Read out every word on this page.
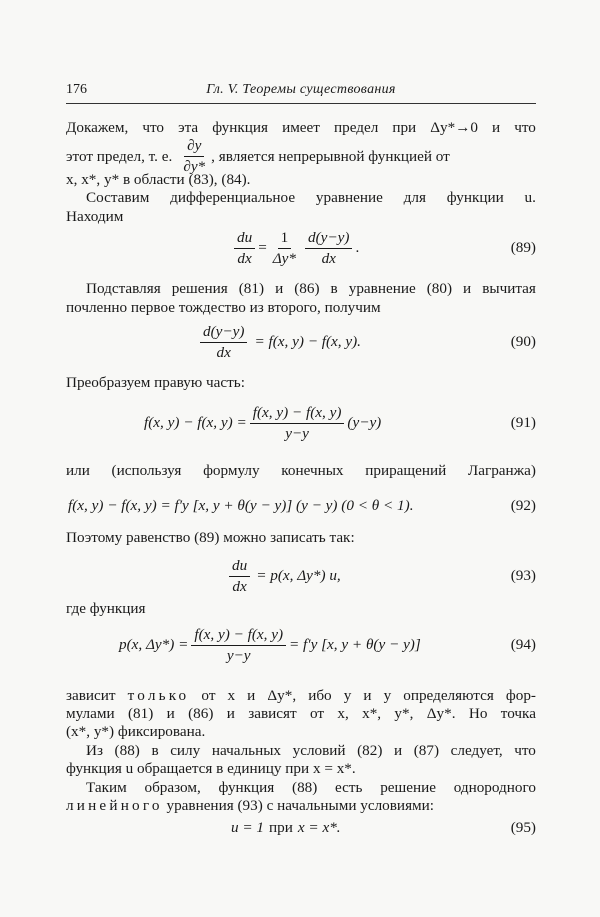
176	Гл. V. Теоремы существования
Докажем, что эта функция имеет предел при Δy*→0 и что
этот предел, т. е. $\frac{\partial y}{\partial y*}$ , является непрерывной функцией от
x, x*, y* в области (83), (84).
Составим дифференциальное уравнение для функции u.
Находим
$\frac{du}{dx} = \frac{1}{\Delta y*} \frac{d(y-y)}{dx}$ .	(89)
Подставляя решения (81) и (86) в уравнение (80) и вычитая
почленно первое тождество из второго, получим
$\frac{d(y-y)}{dx} = f(x$, y) − f(x, y).	(90)
Преобразуем правую часть:
f(x, y) − f(x, $y) = \frac{f(x, y) - f(x, y)}{y-y} (y-y)$	(91)
или (используя формулу конечных приращений Лагранжа)
f(x, y) − f(x, y) = f′y [x, y + θ(y − y)] (y − y) (0 < θ < 1).	(92)
Поэтому равенство (89) можно записать так:
$\frac{du}{dx} = p(x$, Δy*) u,	(93)
где функция
p(x, $\Delta y*) = \frac{f(x, y) - f(x, y)}{y-y} = f'y$ [x, y + θ(y − y)]	(94)
зависит только от x и Δy*, ибо y и y определяются фор-
мулами (81) и (86) и зависят от x, x*, y*, Δy*. Но точка
(x*, y*) фиксирована.
Из (88) в силу начальных условий (82) и (87) следует, что
функция u обращается в единицу при x = x*.
Таким образом, функция (88) есть решение однородного
линейного уравнения (93) с начальными условиями:
u = 1 при x = x*.	(95)
